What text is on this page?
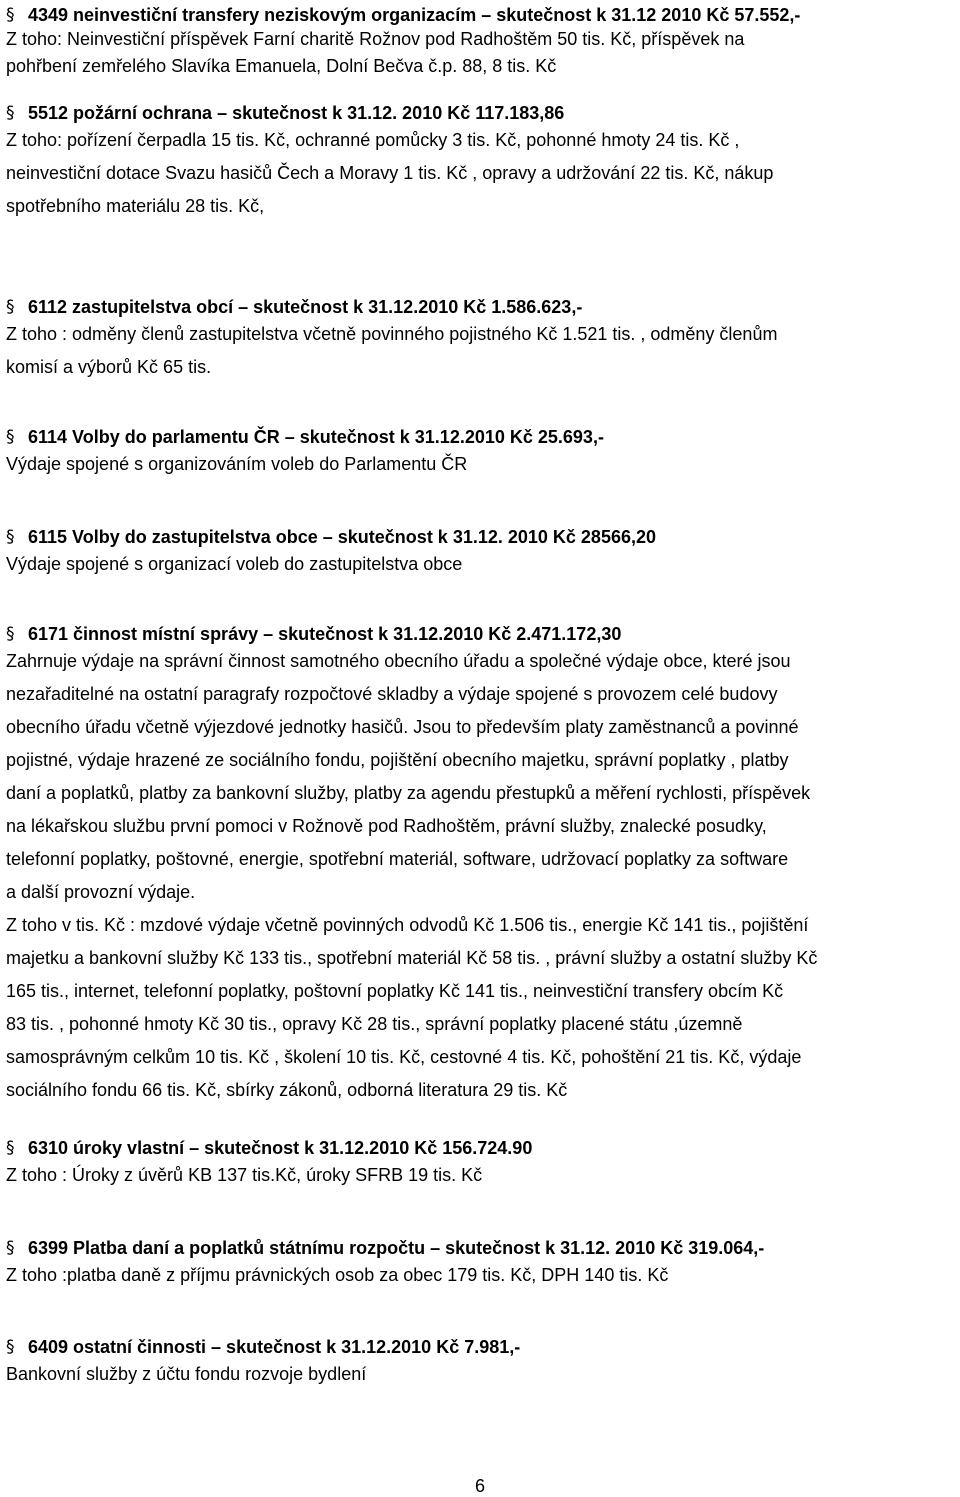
§ 4349 neinvestiční transfery neziskovým organizacím – skutečnost k 31.12 2010 Kč 57.552,-
Z toho: Neinvestiční příspěvek Farní charitě Rožnov pod Radhoštěm 50 tis. Kč, příspěvek na
pohřbení zemřelého Slavíka Emanuela, Dolní Bečva č.p. 88, 8 tis. Kč
§ 5512 požární ochrana – skutečnost k 31.12. 2010 Kč 117.183,86
Z toho: pořízení čerpadla 15 tis. Kč, ochranné pomůcky 3 tis. Kč, pohonné hmoty 24 tis. Kč ,
neinvestiční dotace Svazu hasičů Čech a Moravy 1 tis. Kč , opravy a udržování 22 tis. Kč, nákup
spotřebního materiálu 28 tis. Kč,
§ 6112 zastupitelstva obcí – skutečnost k 31.12.2010 Kč 1.586.623,-
Z toho : odměny členů zastupitelstva včetně povinného pojistného Kč 1.521 tis. , odměny členům
komisí a výborů Kč 65 tis.
§ 6114 Volby do parlamentu ČR – skutečnost k 31.12.2010 Kč 25.693,-
Výdaje spojené s organizováním voleb do Parlamentu ČR
§ 6115 Volby do zastupitelstva obce – skutečnost k 31.12. 2010 Kč 28566,20
Výdaje spojené s organizací voleb do zastupitelstva obce
§ 6171 činnost místní správy – skutečnost k 31.12.2010 Kč 2.471.172,30
Zahrnuje výdaje na správní činnost samotného obecního úřadu a společné výdaje obce, které jsou
nezařaditelné na ostatní paragrafy rozpočtové skladby a výdaje spojené s provozem celé budovy
obecního úřadu včetně výjezdové jednotky hasičů. Jsou to především platy zaměstnanců a povinné
pojistné, výdaje hrazené ze sociálního fondu, pojištění obecního majetku, správní poplatky , platby
daní a poplatků, platby za bankovní služby, platby za agendu přestupků a měření rychlosti, příspěvek
na lékařskou službu první pomoci v Rožnově pod Radhoštěm, právní služby, znalecké posudky,
telefonní poplatky, poštovné, energie, spotřební materiál, software, udržovací poplatky za software
a další provozní výdaje.
Z toho v tis. Kč : mzdové výdaje včetně povinných odvodů Kč 1.506 tis., energie Kč 141 tis., pojištění
majetku a bankovní služby Kč 133 tis., spotřební materiál Kč 58 tis. , právní služby a ostatní služby Kč
165 tis., internet, telefonní poplatky, poštovní poplatky Kč 141 tis., neinvestiční transfery obcím Kč
83 tis. , pohonné hmoty Kč 30 tis., opravy Kč 28 tis., správní poplatky placené státu ,územně
samosprávným celkům 10 tis. Kč , školení 10 tis. Kč, cestovné 4 tis. Kč, pohoštění 21 tis. Kč, výdaje
sociálního fondu 66 tis. Kč, sbírky zákonů, odborná literatura 29 tis. Kč
§ 6310 úroky vlastní – skutečnost k 31.12.2010 Kč 156.724.90
Z toho : Úroky z úvěrů KB 137 tis.Kč, úroky SFRB 19 tis. Kč
§ 6399 Platba daní a poplatků státnímu rozpočtu – skutečnost k 31.12. 2010 Kč 319.064,-
Z toho :platba daně z příjmu právnických osob za obec 179 tis. Kč, DPH 140 tis. Kč
§ 6409 ostatní činnosti – skutečnost k 31.12.2010 Kč 7.981,-
Bankovní služby z účtu fondu rozvoje bydlení
6
